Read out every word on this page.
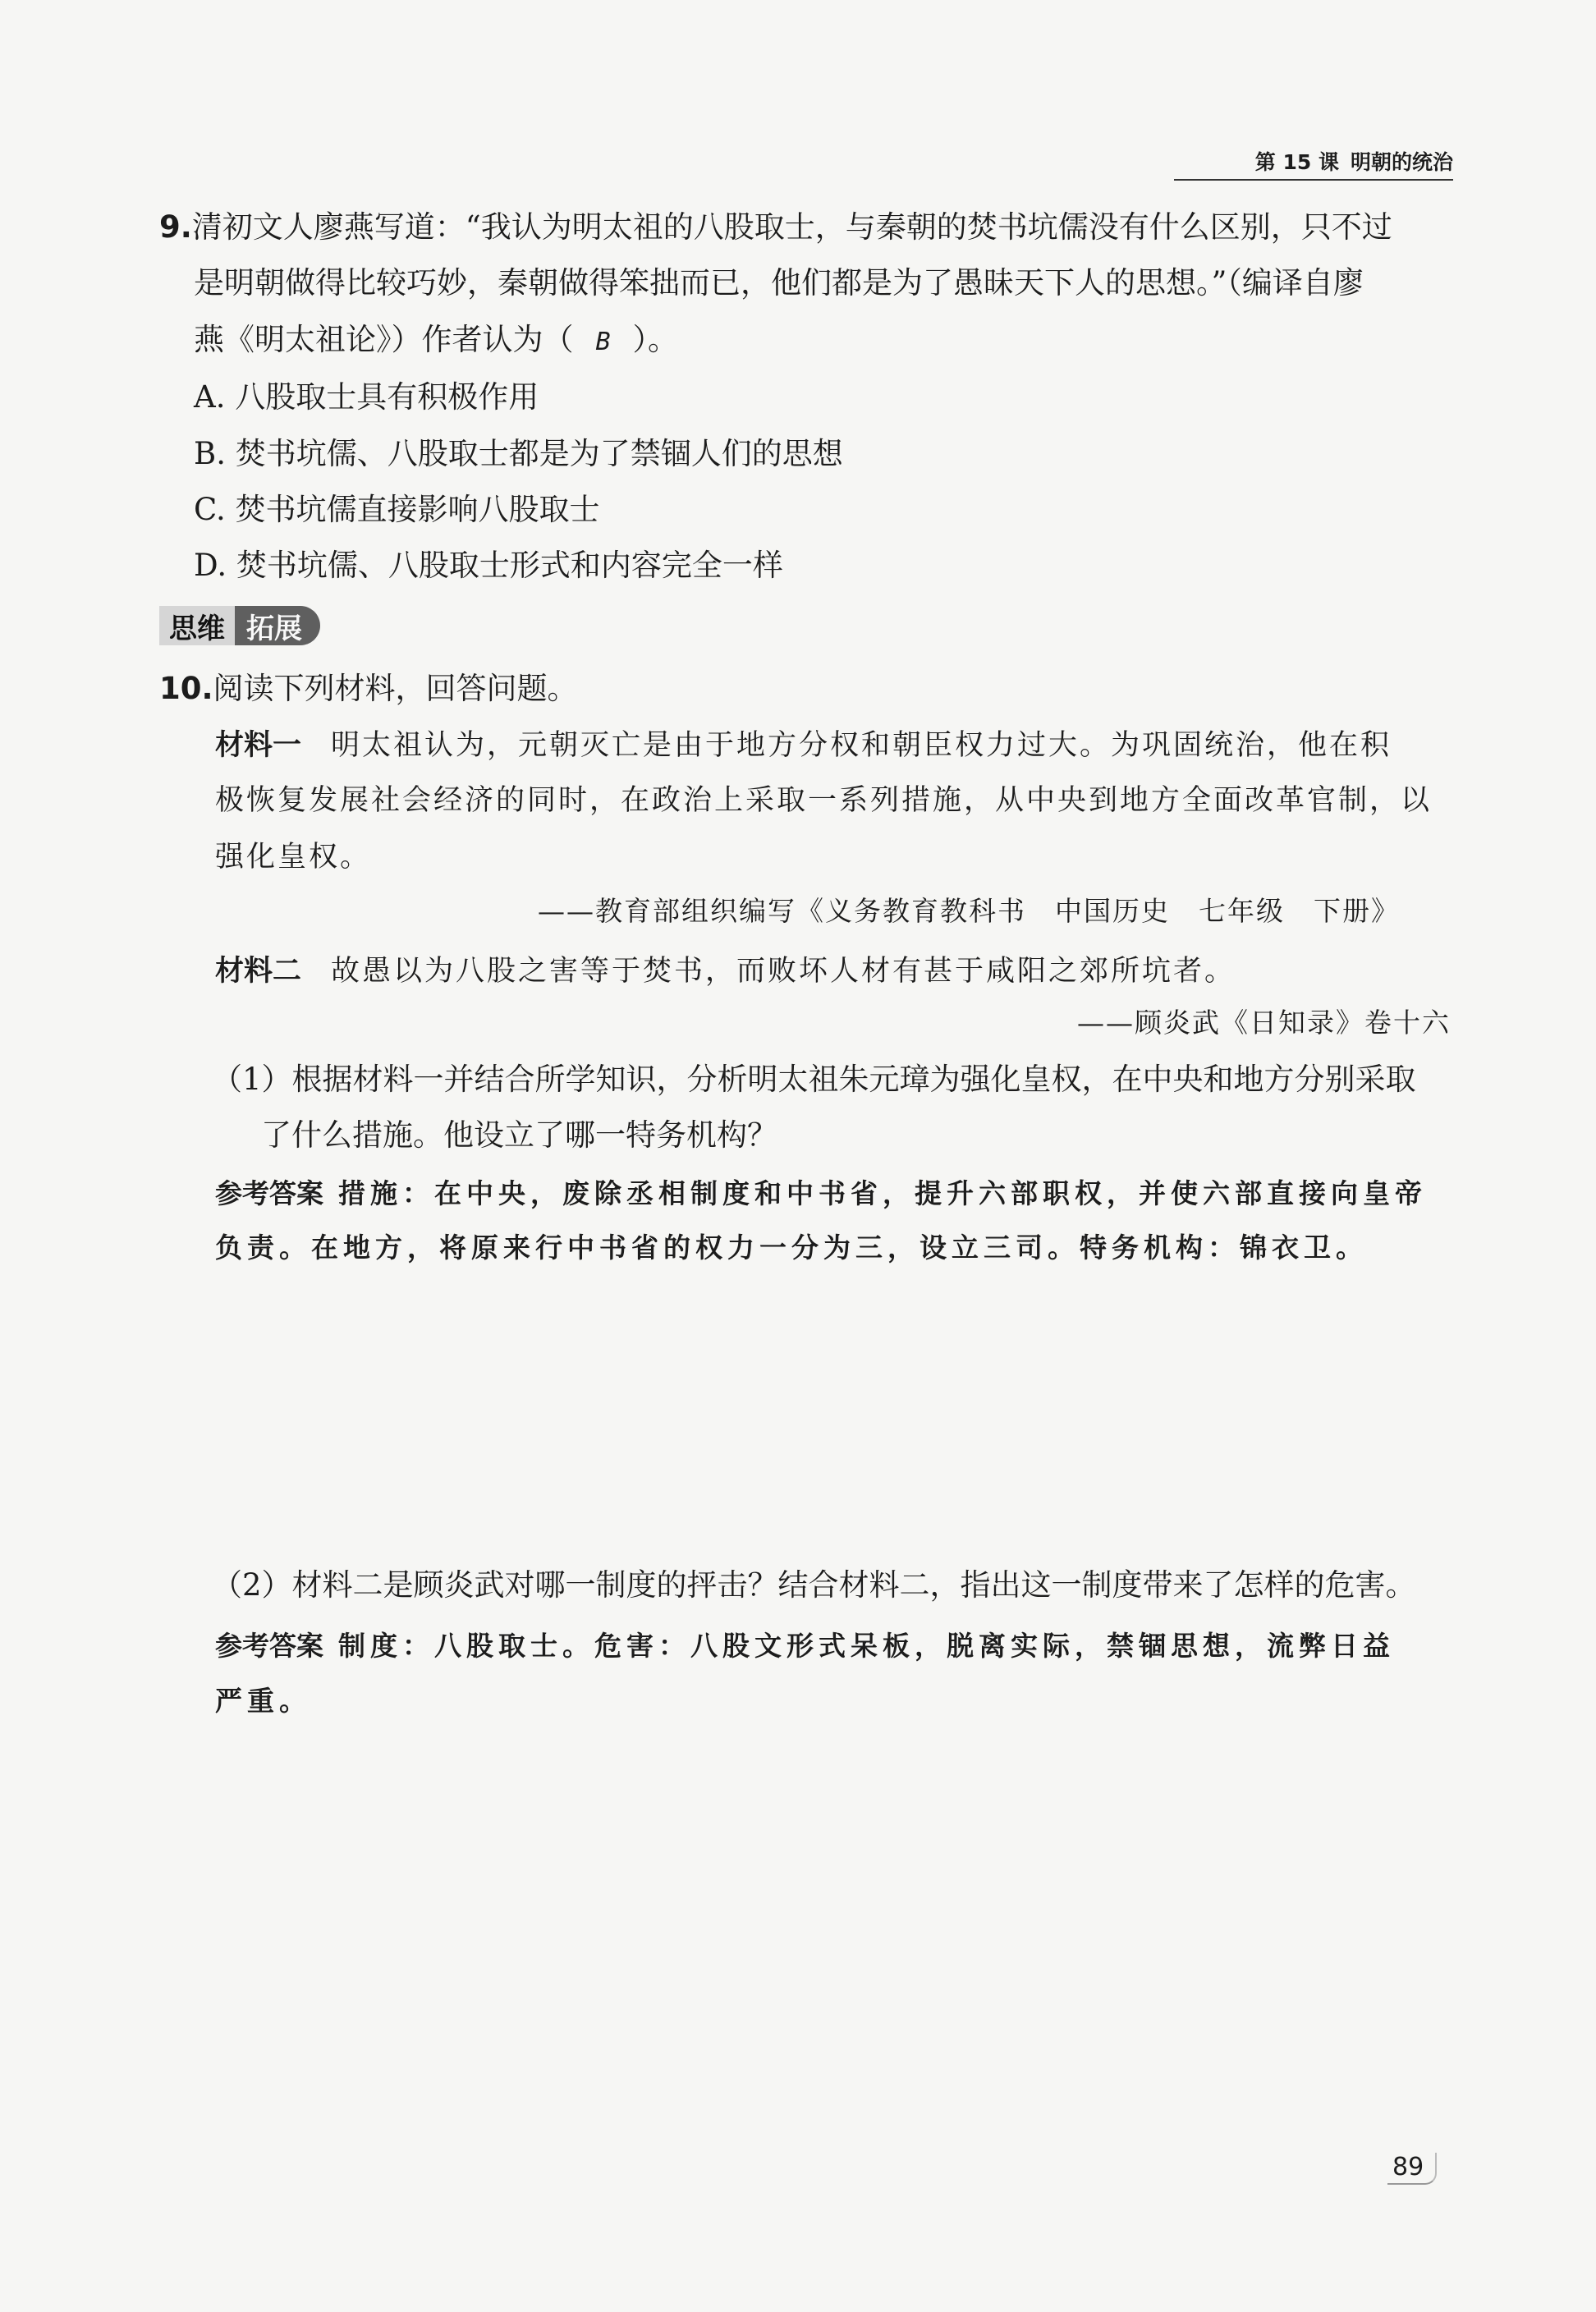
第 15 课 明朝的统治
9.清初文人廖燕写道：“我认为明太祖的八股取士，与秦朝的焚书坑儒没有什么区别，只不过
是明朝做得比较巧妙，秦朝做得笨拙而已，他们都是为了愚昧天下人的思想。”（编译自廖
燕《明太祖论》）作者认为（ B ）。
A. 八股取士具有积极作用
B. 焚书坑儒、八股取士都是为了禁锢人们的思想
C. 焚书坑儒直接影响八股取士
D. 焚书坑儒、八股取士形式和内容完全一样
思维 拓展
10.阅读下列材料，回答问题。
材料一 明太祖认为，元朝灭亡是由于地方分权和朝臣权力过大。为巩固统治，他在积
极恢复发展社会经济的同时，在政治上采取一系列措施，从中央到地方全面改革官制，以
强化皇权。
——教育部组织编写《义务教育教科书　中国历史　七年级　下册》
材料二 故愚以为八股之害等于焚书，而败坏人材有甚于咸阳之郊所坑者。
——顾炎武《日知录》卷十六
（1）根据材料一并结合所学知识，分析明太祖朱元璋为强化皇权，在中央和地方分别采取
了什么措施。他设立了哪一特务机构？
参考答案 措施：在中央，废除丞相制度和中书省，提升六部职权，并使六部直接向皇帝
负责。在地方，将原来行中书省的权力一分为三，设立三司。特务机构：锦衣卫。
（2）材料二是顾炎武对哪一制度的抨击？结合材料二，指出这一制度带来了怎样的危害。
参考答案 制度：八股取士。危害：八股文形式呆板，脱离实际，禁锢思想，流弊日益
严重。
89
